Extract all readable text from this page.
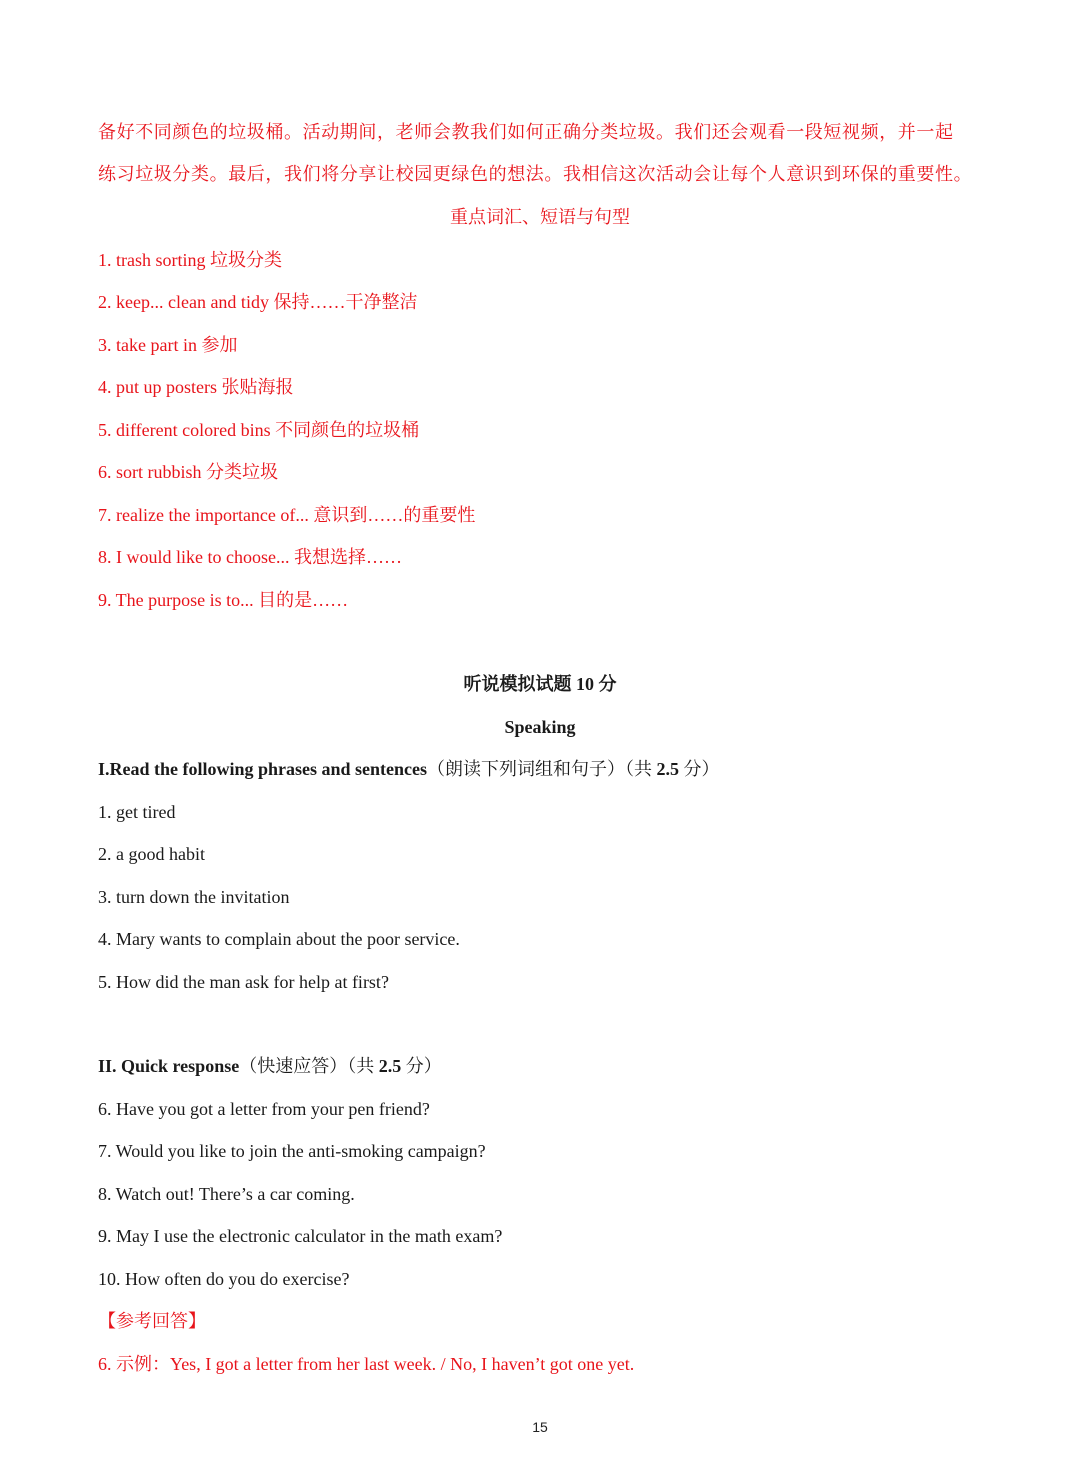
备好不同颜色的垃圾桶。活动期间，老师会教我们如何正确分类垃圾。我们还会观看一段短视频，并一起
练习垃圾分类。最后，我们将分享让校园更绿色的想法。我相信这次活动会让每个人意识到环保的重要性。
重点词汇、短语与句型
1. trash sorting 垃圾分类
2. keep... clean and tidy 保持……干净整洁
3. take part in 参加
4. put up posters 张贴海报
5. different colored bins 不同颜色的垃圾桶
6. sort rubbish 分类垃圾
7. realize the importance of... 意识到……的重要性
8. I would like to choose... 我想选择……
9. The purpose is to... 目的是……
听说模拟试题 10 分
Speaking
I.Read the following phrases and sentences（朗读下列词组和句子）（共 2.5 分）
1. get tired
2. a good habit
3. turn down the invitation
4. Mary wants to complain about the poor service.
5. How did the man ask for help at first?
II. Quick response（快速应答）（共 2.5 分）
6. Have you got a letter from your pen friend?
7. Would you like to join the anti-smoking campaign?
8. Watch out! There’s a car coming.
9. May I use the electronic calculator in the math exam?
10. How often do you do exercise?
【参考回答】
6. 示例：Yes, I got a letter from her last week. / No, I haven’t got one yet.
15
